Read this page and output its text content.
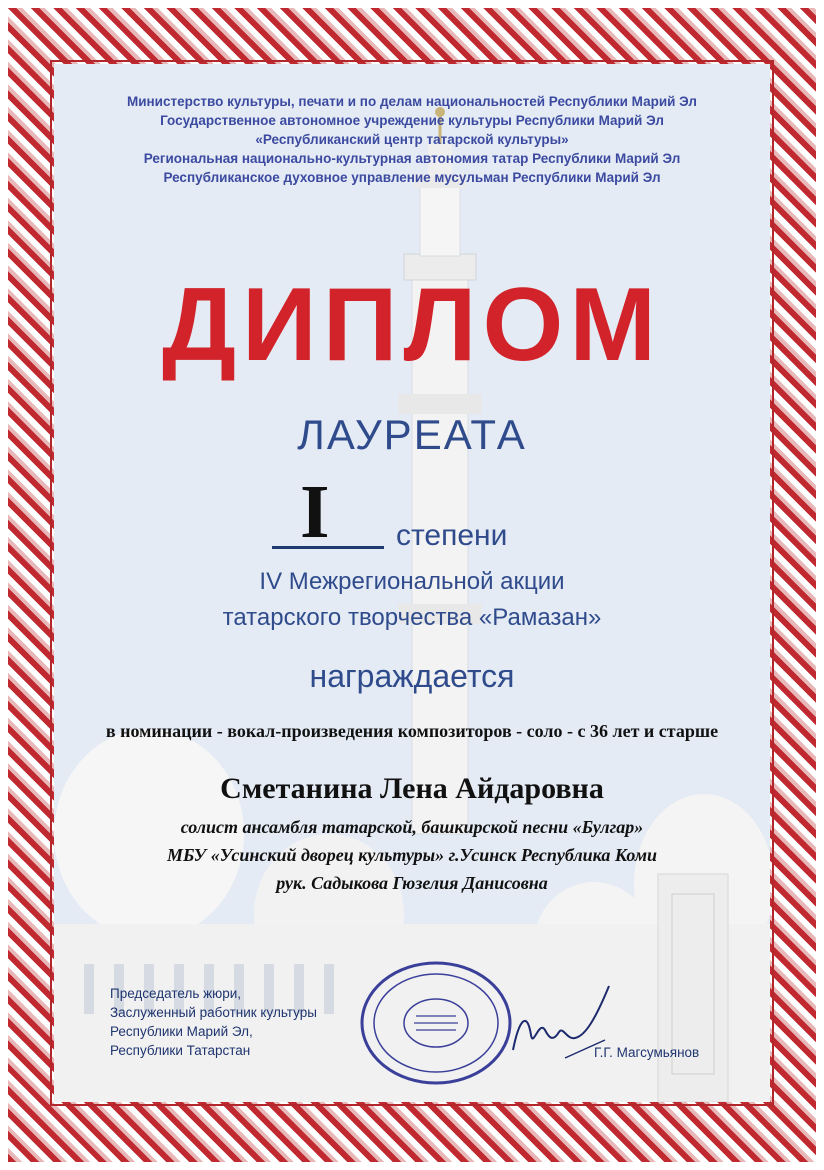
Министерство культуры, печати и по делам национальностей Республики Марий Эл
Государственное автономное учреждение культуры Республики Марий Эл
«Республиканский центр татарской культуры»
Региональная национально-культурная автономия татар Республики Марий Эл
Республиканское духовное управление мусульман Республики Марий Эл
ДИПЛОМ
ЛАУРЕАТА
I степени
IV Межрегиональной акции
татарского творчества «Рамазан»
награждается
в номинации - вокал-произведения композиторов - соло - с 36 лет и старше
Сметанина Лена Айдаровна
солист ансамбля татарской, башкирской песни «Булгар»
МБУ «Усинский дворец культуры» г.Усинск Республика Коми
рук. Садыкова Гюзелия Данисовна
Председатель жюри,
Заслуженный работник культуры
Республики Марий Эл,
Республики Татарстан	Г.Г. Магсумьянов
